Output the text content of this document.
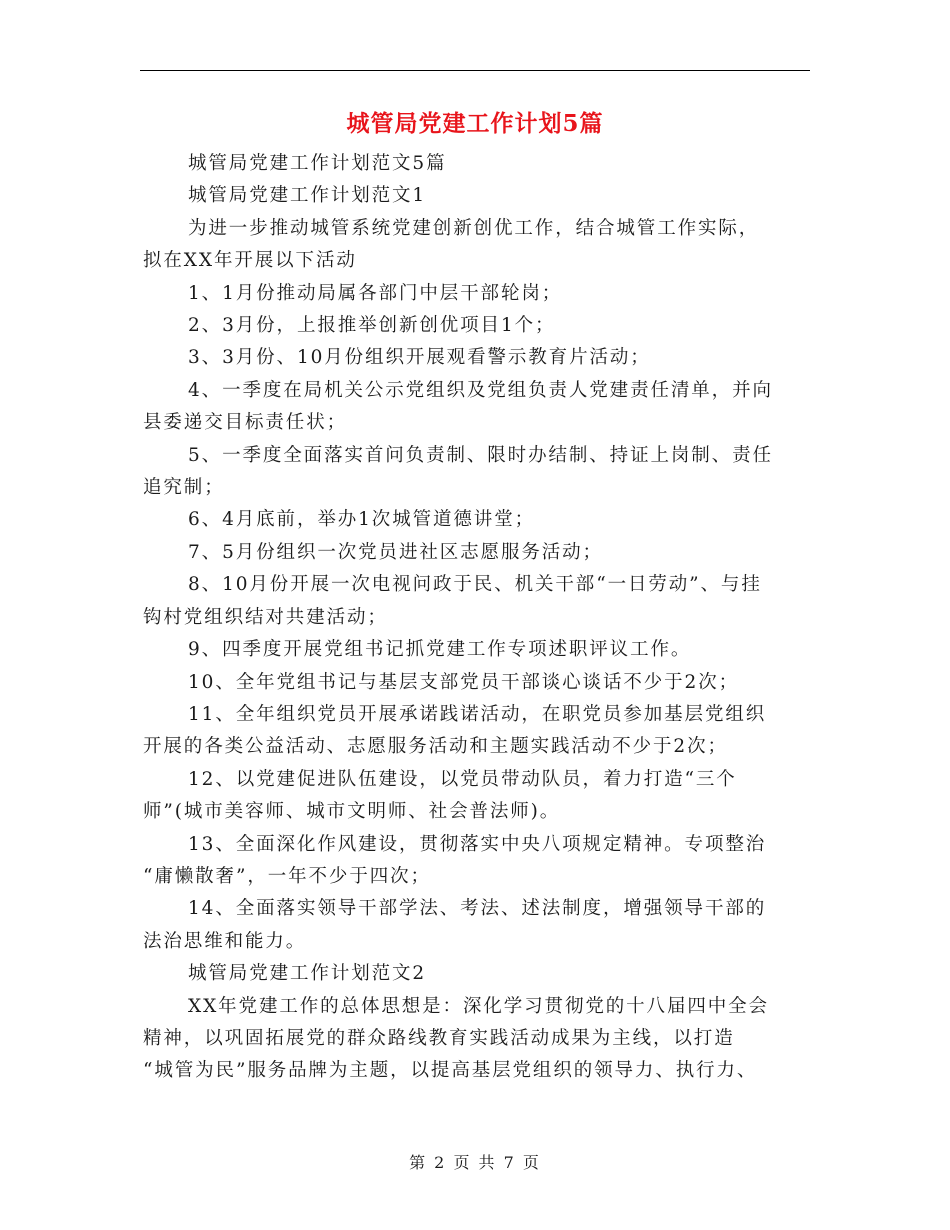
城管局党建工作计划5篇

城管局党建工作计划范文5篇

城管局党建工作计划范文1

为进一步推动城管系统党建创新创优工作，结合城管工作实际，

拟在XX年开展以下活动

1、1月份推动局属各部门中层干部轮岗；

2、3月份，上报推举创新创优项目1个；

3、3月份、10月份组织开展观看警示教育片活动；

4、一季度在局机关公示党组织及党组负责人党建责任清单，并向

县委递交目标责任状；

5、一季度全面落实首问负责制、限时办结制、持证上岗制、责任

追究制；

6、4月底前，举办1次城管道德讲堂；

7、5月份组织一次党员进社区志愿服务活动；

8、10月份开展一次电视问政于民、机关干部“一日劳动”、与挂

钩村党组织结对共建活动；

9、四季度开展党组书记抓党建工作专项述职评议工作。

10、全年党组书记与基层支部党员干部谈心谈话不少于2次；

11、全年组织党员开展承诺践诺活动，在职党员参加基层党组织

开展的各类公益活动、志愿服务活动和主题实践活动不少于2次；

12、以党建促进队伍建设，以党员带动队员，着力打造“三个

师”(城市美容师、城市文明师、社会普法师)。

13、全面深化作风建设，贯彻落实中央八项规定精神。专项整治

“庸懒散奢”，一年不少于四次；

14、全面落实领导干部学法、考法、述法制度，增强领导干部的

法治思维和能力。

城管局党建工作计划范文2

XX年党建工作的总体思想是：深化学习贯彻党的十八届四中全会

精神，以巩固拓展党的群众路线教育实践活动成果为主线，以打造

“城管为民”服务品牌为主题，以提高基层党组织的领导力、执行力、

第 2 页 共 7 页
